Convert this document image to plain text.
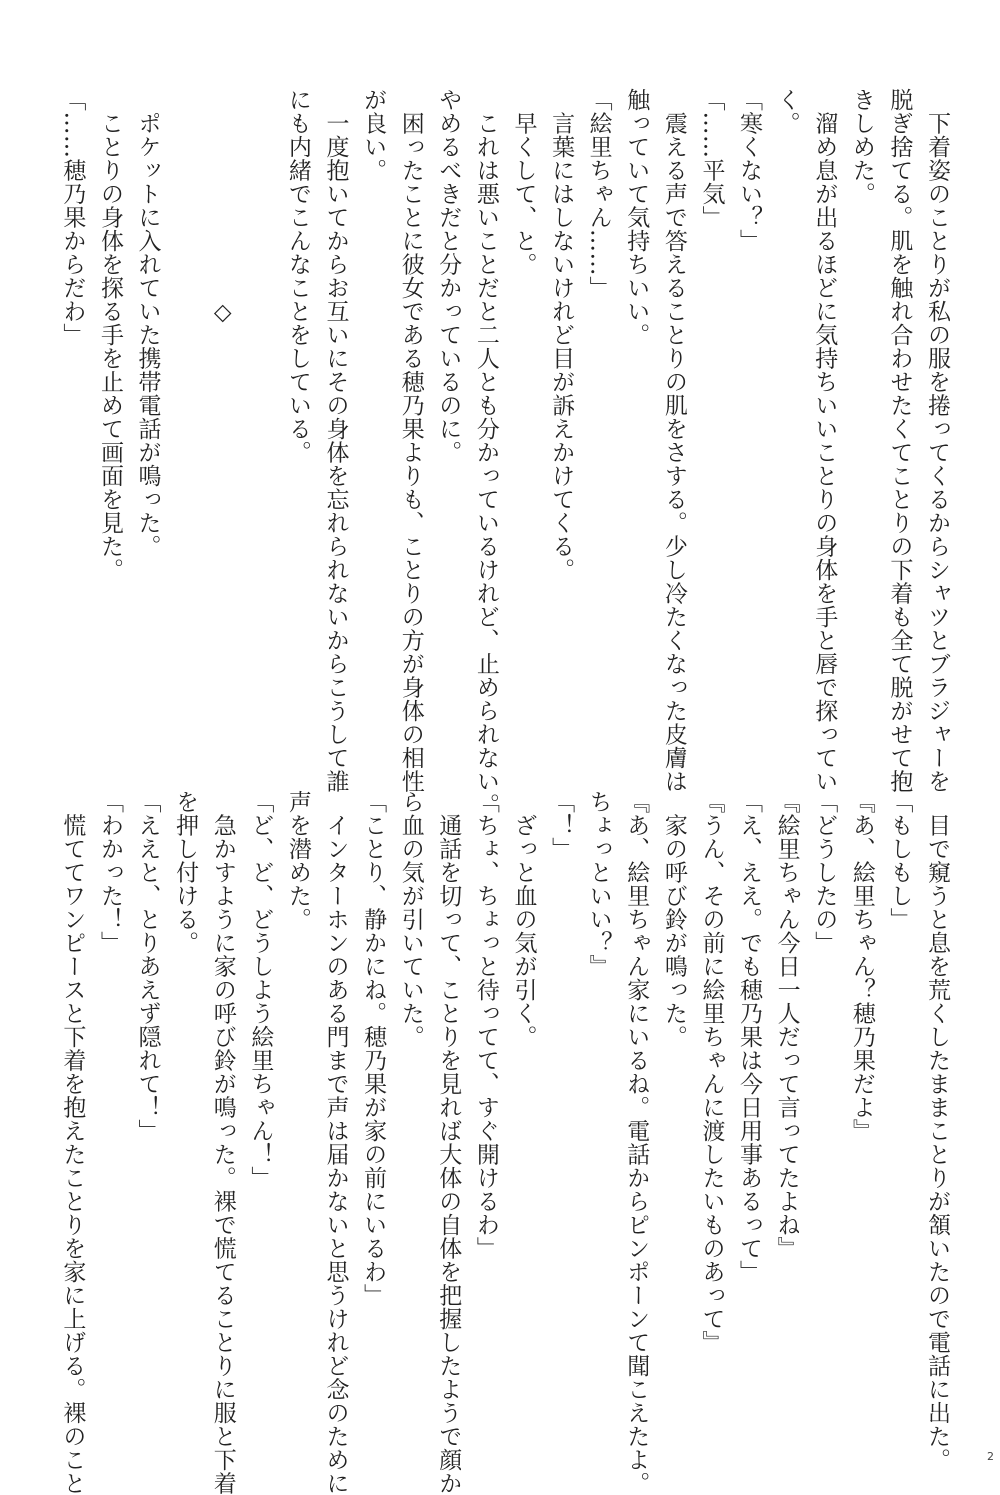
　下着姿のことりが私の服を捲ってくるからシャツとブラジャーを
脱ぎ捨てる。肌を触れ合わせたくてことりの下着も全て脱がせて抱
きしめた。
　溜め息が出るほどに気持ちいいことりの身体を手と唇で探ってい
く。
「寒くない？」
「……平気」
　震える声で答えることりの肌をさする。少し冷たくなった皮膚は
触っていて気持ちいい。
「絵里ちゃん……」
　言葉にはしないけれど目が訴えかけてくる。
　早くして、と。
　これは悪いことだと二人とも分かっているけれど、止められない。
やめるべきだと分かっているのに。
　困ったことに彼女である穂乃果よりも、ことりの方が身体の相性
が良い。
　一度抱いてからお互いにその身体を忘れられないからこうして誰
にも内緒でこんなことをしている。

　　　　　　　　　◇

　ポケットに入れていた携帯電話が鳴った。
　ことりの身体を探る手を止めて画面を見た。
「……穂乃果からだわ」
　目で窺うと息を荒くしたままことりが頷いたので電話に出た。
「もしもし」
『あ、絵里ちゃん？穂乃果だよ』
「どうしたの」
『絵里ちゃん今日一人だって言ってたよね』
「え、ええ。でも穂乃果は今日用事あるって」
『うん、その前に絵里ちゃんに渡したいものあって』
　家の呼び鈴が鳴った。
『あ、絵里ちゃん家にいるね。電話からピンポーンて聞こえたよ。
ちょっといい？』
「！」
　ざっと血の気が引く。
「ちょ、ちょっと待ってて、すぐ開けるわ」
　通話を切って、ことりを見れば大体の自体を把握したようで顔か
ら血の気が引いていた。
「ことり、静かにね。穂乃果が家の前にいるわ」
　インターホンのある門まで声は届かないと思うけれど念のために
声を潜めた。
「ど、ど、どうしよう絵里ちゃん！」
　急かすように家の呼び鈴が鳴った。裸で慌てることりに服と下着
を押し付ける。
「ええと、とりあえず隠れて！」
「わかった！」
　慌ててワンピースと下着を抱えたことりを家に上げる。裸のこと	2
